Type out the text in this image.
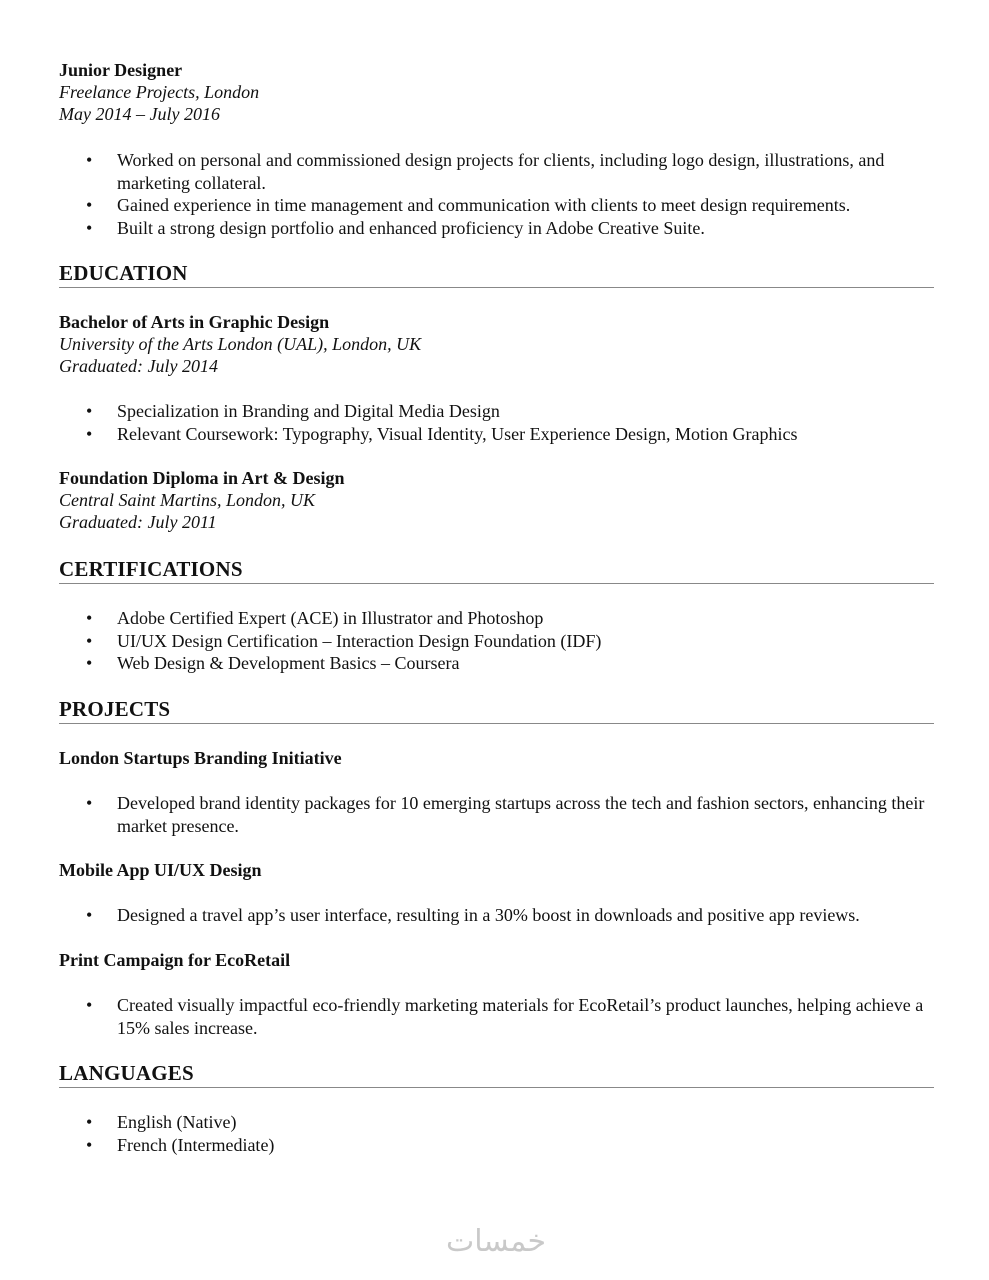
Junior Designer

Freelance Projects, London

May 2014 – July 2016

• Worked on personal and commissioned design projects for clients, including logo design, illustrations, and marketing collateral.
• Gained experience in time management and communication with clients to meet design requirements.
• Built a strong design portfolio and enhanced proficiency in Adobe Creative Suite.
EDUCATION

Bachelor of Arts in Graphic Design

University of the Arts London (UAL), London, UK

Graduated: July 2014

• Specialization in Branding and Digital Media Design
• Relevant Coursework: Typography, Visual Identity, User Experience Design, Motion Graphics

Foundation Diploma in Art & Design

Central Saint Martins, London, UK

Graduated: July 2011

CERTIFICATIONS
• Adobe Certified Expert (ACE) in Illustrator and Photoshop
• UI/UX Design Certification – Interaction Design Foundation (IDF)
• Web Design & Development Basics – Coursera
PROJECTS

London Startups Branding Initiative

• Developed brand identity packages for 10 emerging startups across the tech and fashion sectors, enhancing their market presence.

Mobile App UI/UX Design

• Designed a travel app’s user interface, resulting in a 30% boost in downloads and positive app reviews.

Print Campaign for EcoRetail

• Created visually impactful eco-friendly marketing materials for EcoRetail’s product launches, helping achieve a 15% sales increase.
LANGUAGES
• English (Native)
• French (Intermediate)
خمسات
